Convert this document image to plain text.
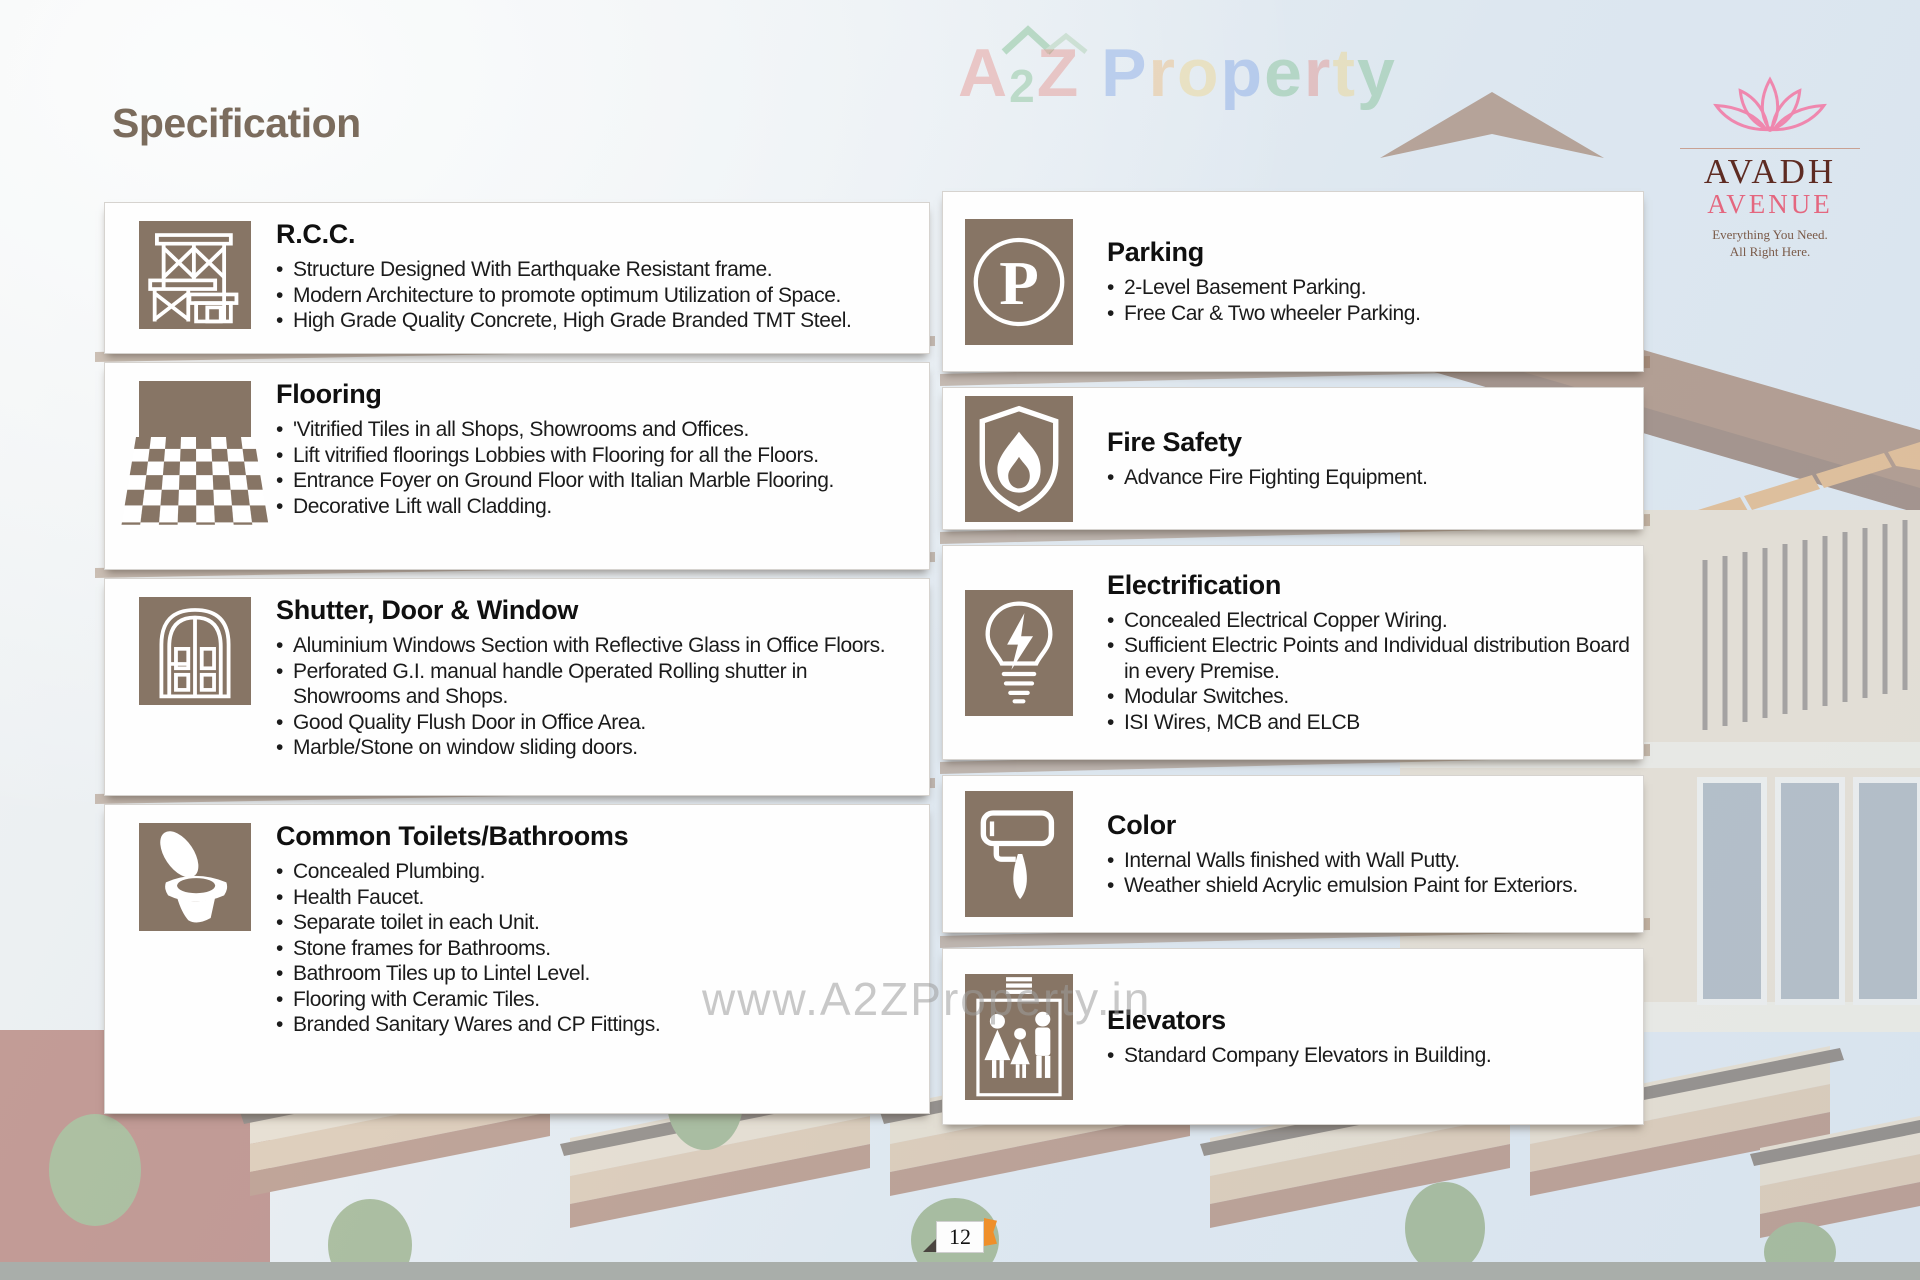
A2Z Property
Specification
AVADH
AVENUE
Everything You Need.
All Right Here.
R.C.C.
• Structure Designed With Earthquake Resistant frame.
• Modern Architecture to promote optimum Utilization of Space.
• High Grade Quality Concrete, High Grade Branded TMT Steel.
Flooring
• 'Vitrified Tiles in all Shops, Showrooms and Offices.
• Lift vitrified floorings Lobbies with Flooring for all the Floors.
• Entrance Foyer on Ground Floor with Italian Marble Flooring.
• Decorative Lift wall Cladding.
Shutter, Door & Window
• Aluminium Windows Section with Reflective Glass in Office Floors.
• Perforated G.I. manual handle Operated Rolling shutter in Showrooms and Shops.
• Good Quality Flush Door in Office Area.
• Marble/Stone on window sliding doors.
Common Toilets/Bathrooms
• Concealed Plumbing.
• Health Faucet.
• Separate toilet in each Unit.
• Stone frames for Bathrooms.
• Bathroom Tiles up to Lintel Level.
• Flooring with Ceramic Tiles.
• Branded Sanitary Wares and CP Fittings.
P	Parking
• 2-Level Basement Parking.
• Free Car & Two wheeler Parking.
Fire Safety
• Advance Fire Fighting Equipment.
Electrification
• Concealed Electrical Copper Wiring.
• Sufficient Electric Points and Individual distribution Board in every Premise.
• Modular Switches.
• ISI Wires, MCB and ELCB
Color
• Internal Walls finished with Wall Putty.
• Weather shield Acrylic emulsion Paint for Exteriors.
Elevators
• Standard Company Elevators in Building.
www.A2ZProperty.in
12
